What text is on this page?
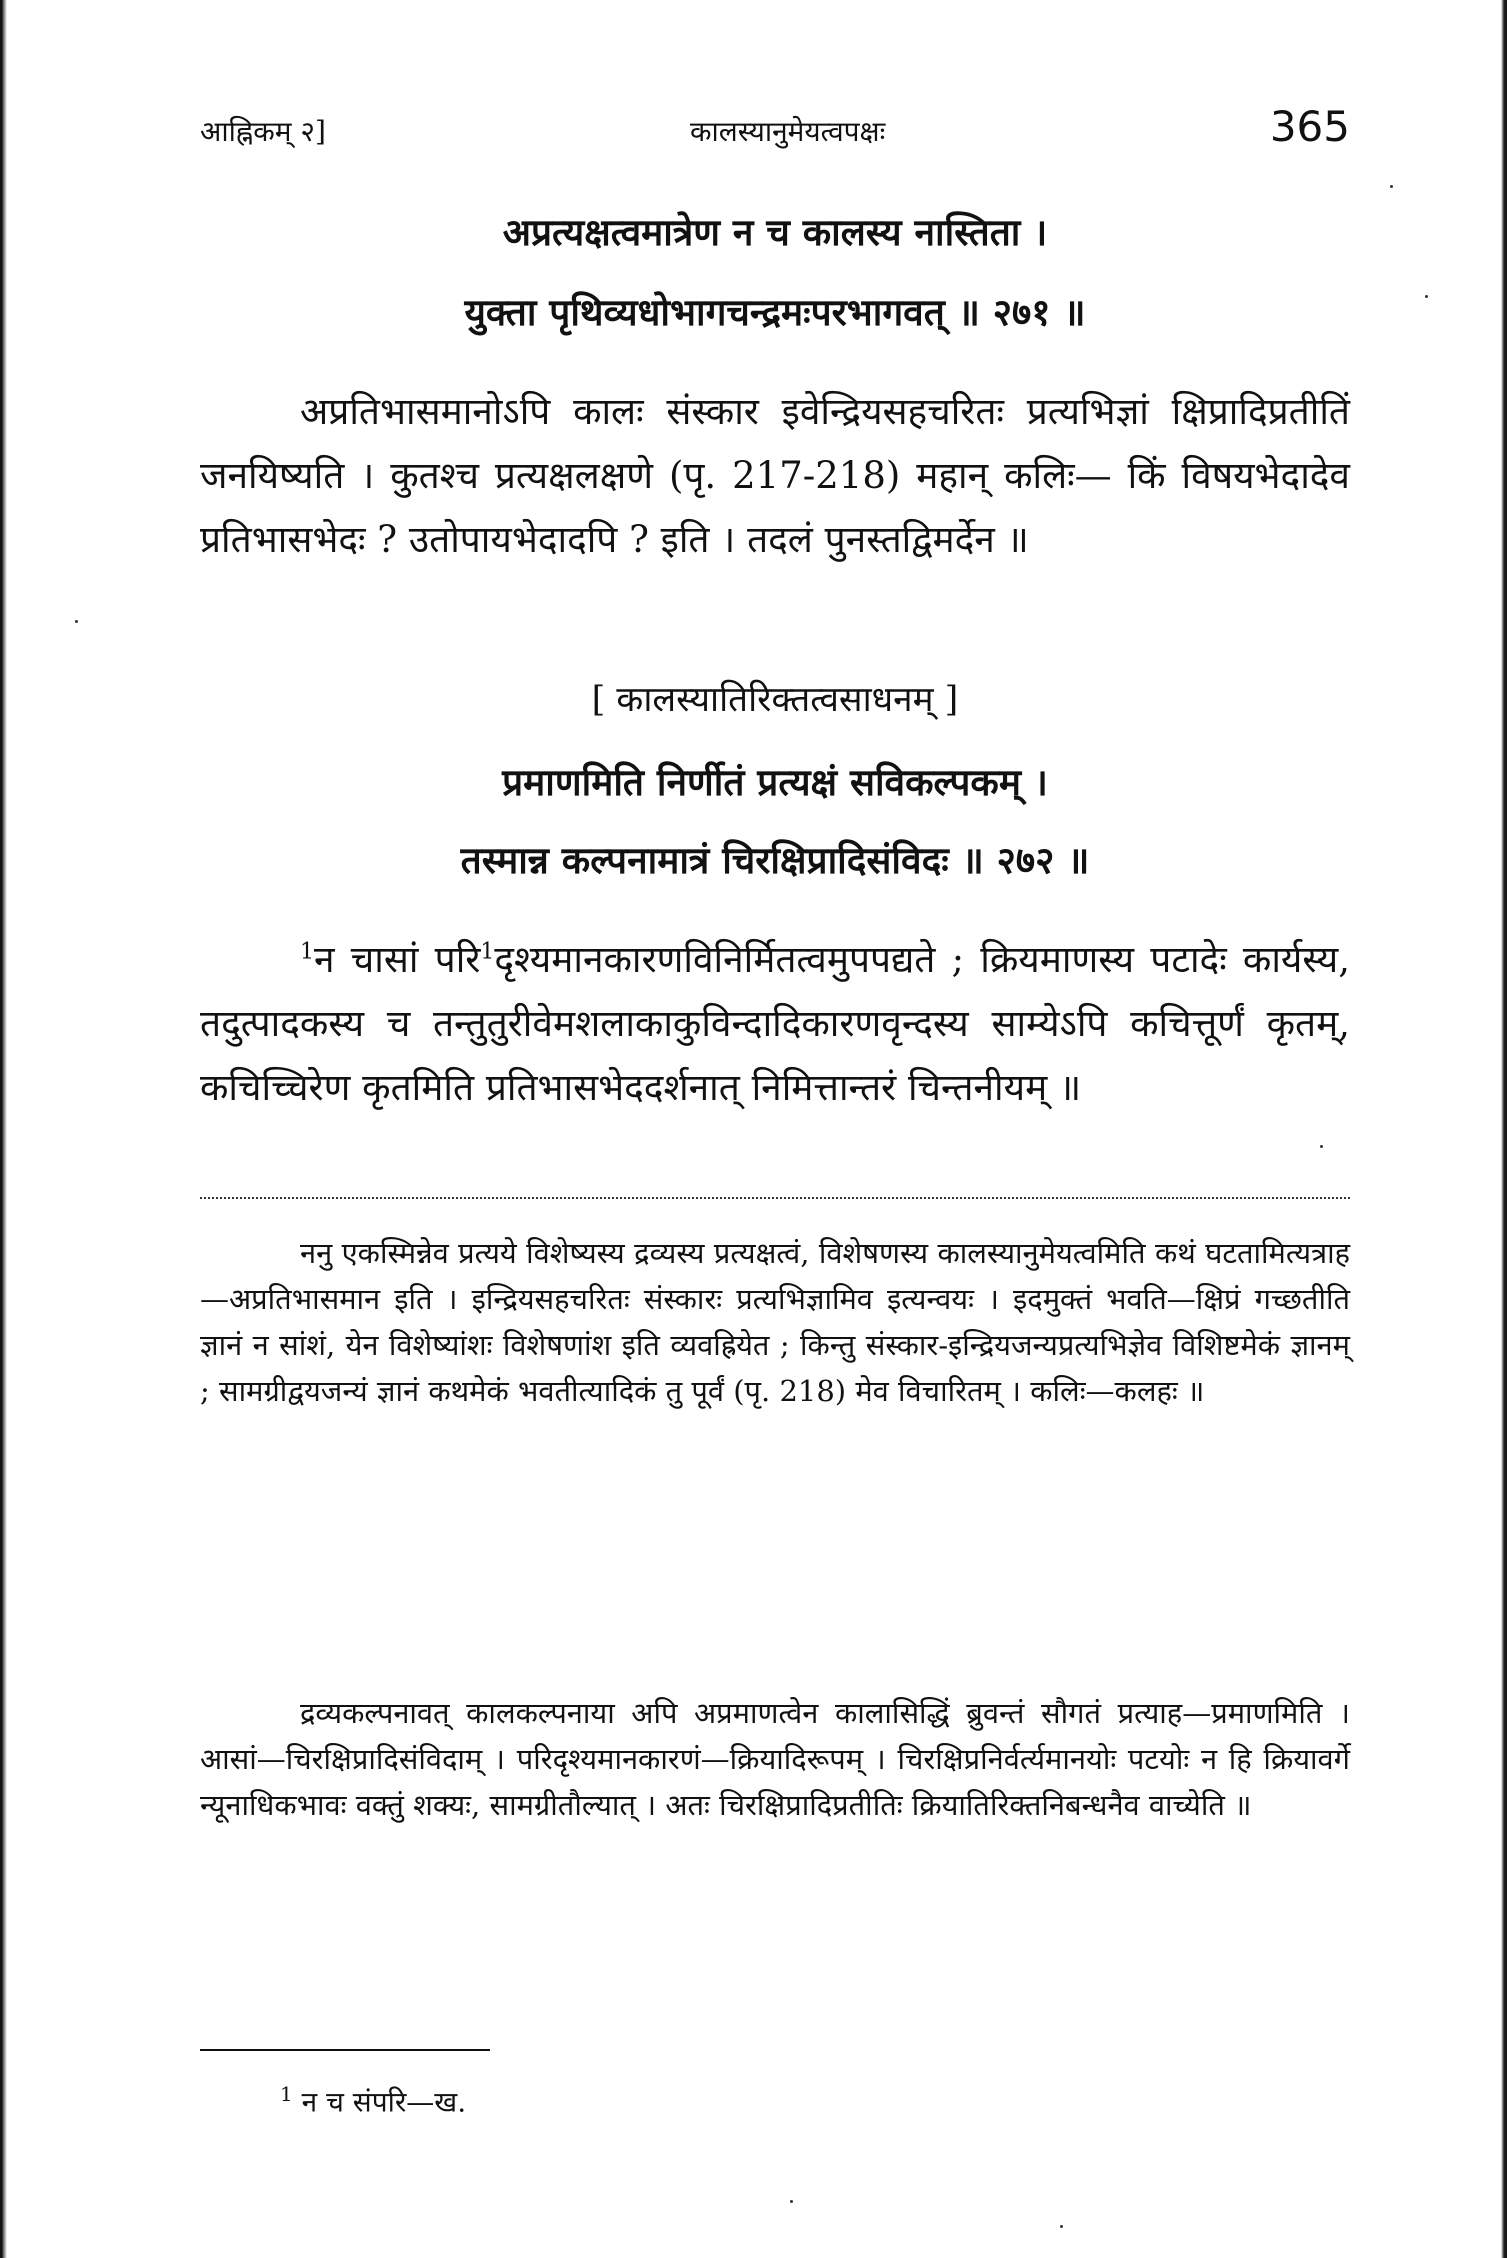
आह्निकम् २]	कालस्यानुमेयत्वपक्षः	365
अप्रत्यक्षत्वमात्रेण न च कालस्य नास्तिता ।
युक्ता पृथिव्यधोभागचन्द्रमःपरभागवत् ॥ २७१ ॥
अप्रतिभासमानोऽपि कालः संस्कार इवेन्द्रियसहचरितः प्रत्यभिज्ञां क्षिप्रादिप्रतीतिं जनयिष्यति । कुतश्च प्रत्यक्षलक्षणे (पृ. 217-218) महान् कलिः— किं विषयभेदादेव प्रतिभासभेदः ? उतोपायभेदादपि ? इति । तदलं पुनस्तद्विमर्देन ॥
[ कालस्यातिरिक्तत्वसाधनम् ]
प्रमाणमिति निर्णीतं प्रत्यक्षं सविकल्पकम् ।
तस्मान्न कल्पनामात्रं चिरक्षिप्रादिसंविदः ॥ २७२ ॥
$^1$न चासां परि$^1$दृश्यमानकारणविनिर्मितत्वमुपपद्यते ; क्रियमाणस्य पटादेः कार्यस्य, तदुत्पादकस्य च तन्तुतुरीवेमशलाकाकुविन्दादिकारणवृन्दस्य साम्येऽपि कचित्तूर्णं कृतम्, कचिच्चिरेण कृतमिति प्रतिभासभेददर्शनात् निमित्तान्तरं चिन्तनीयम् ॥
ननु एकस्मिन्नेव प्रत्यये विशेष्यस्य द्रव्यस्य प्रत्यक्षत्वं, विशेषणस्य कालस्यानुमेयत्वमिति कथं घटतामित्यत्राह—अप्रतिभासमान इति । इन्द्रियसहचरितः संस्कारः प्रत्यभिज्ञामिव इत्यन्वयः । इदमुक्तं भवति—क्षिप्रं गच्छतीति ज्ञानं न सांशं, येन विशेष्यांशः विशेषणांश इति व्यवह्रियेत ; किन्तु संस्कार-इन्द्रियजन्यप्रत्यभिज्ञेव विशिष्टमेकं ज्ञानम् ; सामग्रीद्वयजन्यं ज्ञानं कथमेकं भवतीत्यादिकं तु पूर्वं (पृ. 218) मेव विचारितम् । कलिः—कलहः ॥
द्रव्यकल्पनावत् कालकल्पनाया अपि अप्रमाणत्वेन कालासिद्धिं ब्रुवन्तं सौगतं प्रत्याह—प्रमाणमिति । आसां—चिरक्षिप्रादिसंविदाम् । परिदृश्यमानकारणं—क्रियादिरूपम् । चिरक्षिप्रनिर्वर्त्यमानयोः पटयोः न हि क्रियावर्गे न्यूनाधिकभावः वक्तुं शक्यः, सामग्रीतौल्यात् । अतः चिरक्षिप्रादिप्रतीतिः क्रियातिरिक्तनिबन्धनैव वाच्येति ॥
$^1$ न च संपरि—ख.
